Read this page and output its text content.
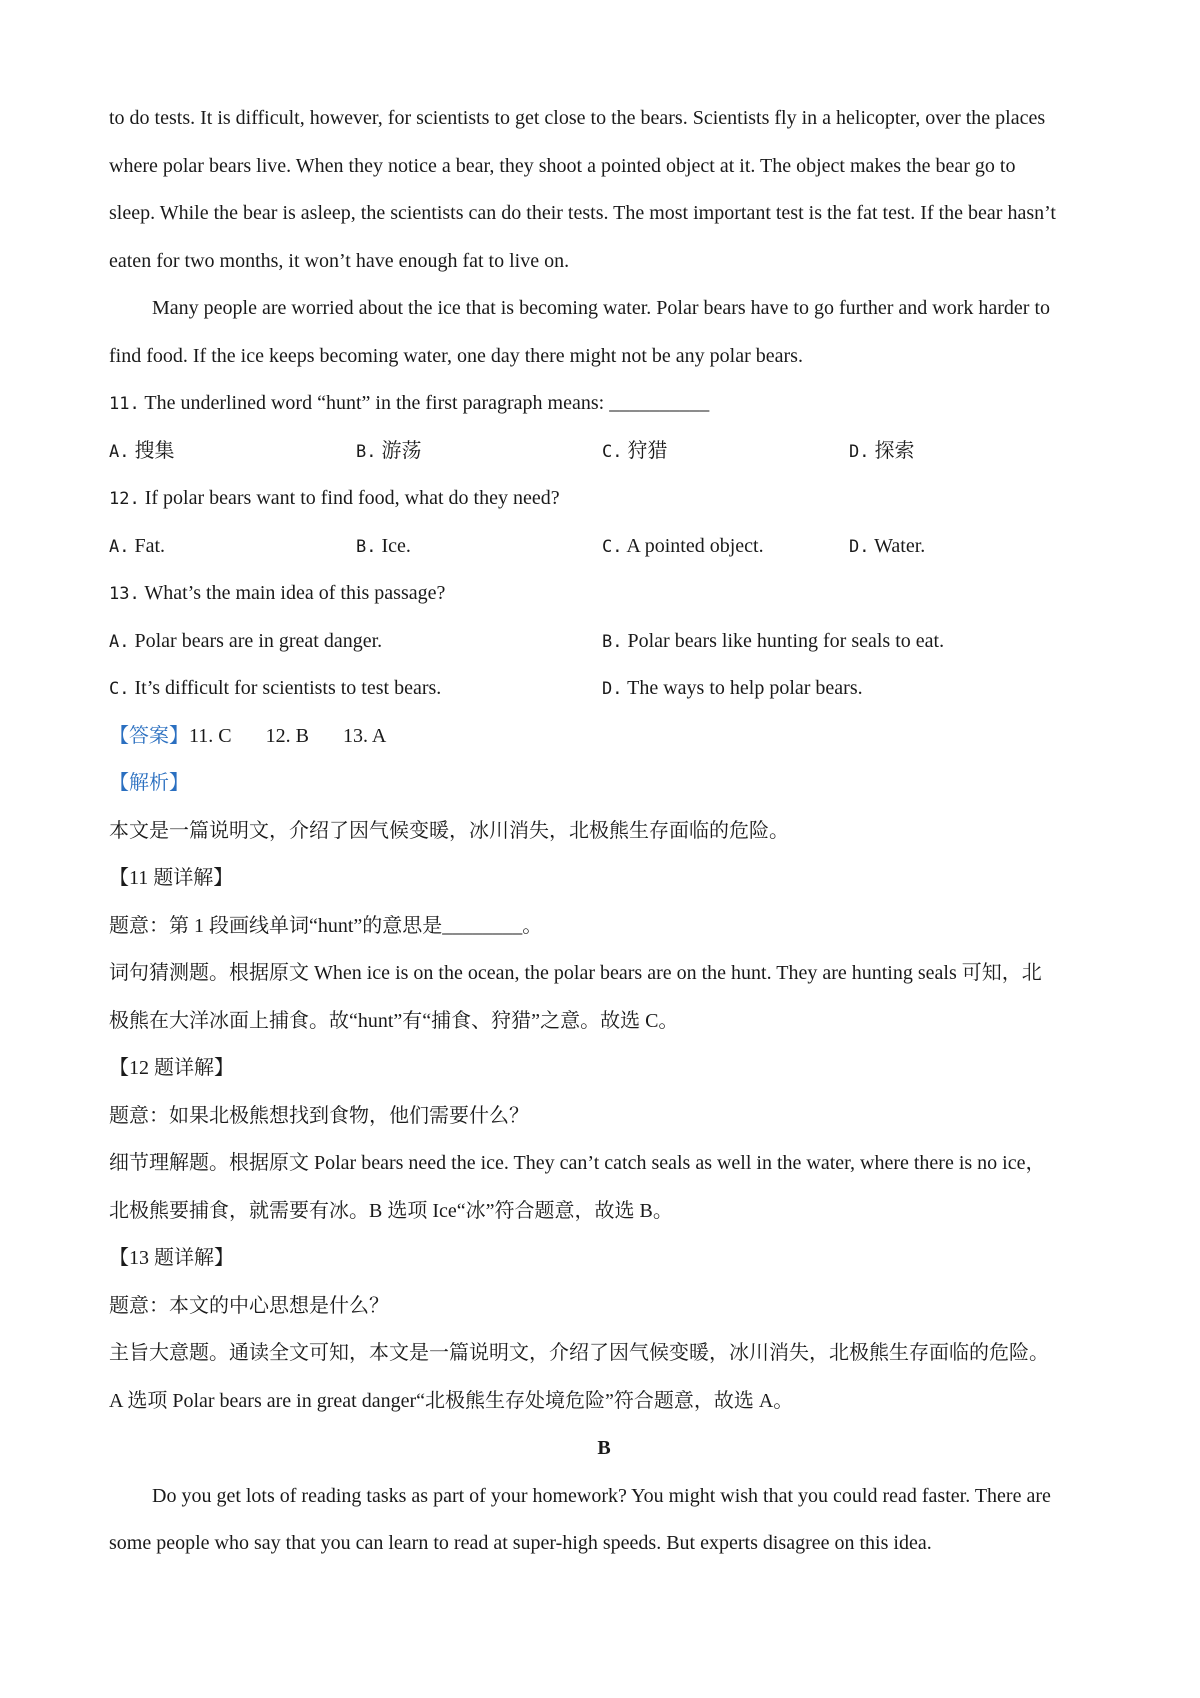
to do tests. It is difficult, however, for scientists to get close to the bears. Scientists fly in a helicopter, over the places
where polar bears live. When they notice a bear, they shoot a pointed object at it. The object makes the bear go to
sleep. While the bear is asleep, the scientists can do their tests. The most important test is the fat test. If the bear hasn’t
eaten for two months, it won’t have enough fat to live on.
Many people are worried about the ice that is becoming water. Polar bears have to go further and work harder to
find food. If the ice keeps becoming water, one day there might not be any polar bears.
11. The underlined word “hunt” in the first paragraph means: __________
A. 搜集	B. 游荡	C. 狩猎	D. 探索
12. If polar bears want to find food, what do they need?
A. Fat.	B. Ice.	C. A pointed object.	D. Water.
13. What’s the main idea of this passage?
A. Polar bears are in great danger.	B. Polar bears like hunting for seals to eat.
C. It’s difficult for scientists to test bears.	D. The ways to help polar bears.
【答案】11. C 12. B 13. A
【解析】
本文是一篇说明文，介绍了因气候变暖，冰川消失，北极熊生存面临的危险。
【11 题详解】
题意：第 1 段画线单词“hunt”的意思是________。
词句猜测题。根据原文 When ice is on the ocean, the polar bears are on the hunt. They are hunting seals 可知，北
极熊在大洋冰面上捕食。故“hunt”有“捕食、狩猎”之意。故选 C。
【12 题详解】
题意：如果北极熊想找到食物，他们需要什么？
细节理解题。根据原文 Polar bears need the ice. They can’t catch seals as well in the water, where there is no ice，
北极熊要捕食，就需要有冰。B 选项 Ice“冰”符合题意，故选 B。
【13 题详解】
题意：本文的中心思想是什么？
主旨大意题。通读全文可知，本文是一篇说明文，介绍了因气候变暖，冰川消失，北极熊生存面临的危险。
A 选项 Polar bears are in great danger“北极熊生存处境危险”符合题意，故选 A。
B
Do you get lots of reading tasks as part of your homework? You might wish that you could read faster. There are
some people who say that you can learn to read at super-high speeds. But experts disagree on this idea.
